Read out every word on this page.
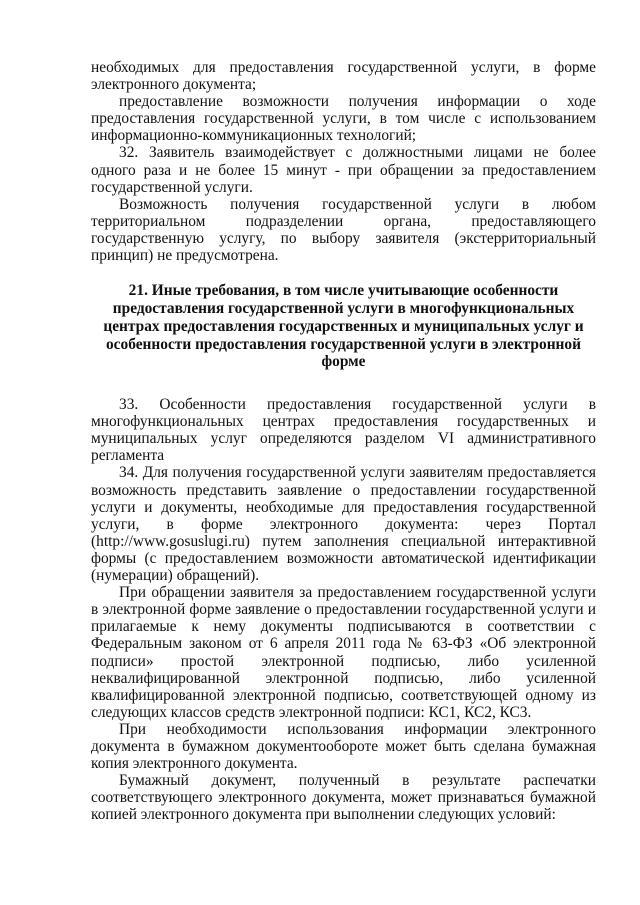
необходимых для предоставления государственной услуги, в форме электронного документа;

предоставление возможности получения информации о ходе предоставления государственной услуги, в том числе с использованием информационно-коммуникационных технологий;

32. Заявитель взаимодействует с должностными лицами не более одного раза и не более 15 минут - при обращении за предоставлением государственной услуги.

Возможность получения государственной услуги в любом территориальном подразделении органа, предоставляющего государственную услугу, по выбору заявителя (экстерриториальный принцип) не предусмотрена.

21. Иные требования, в том числе учитывающие особенности предоставления государственной услуги в многофункциональных центрах предоставления государственных и муниципальных услуг и особенности предоставления государственной услуги в электронной форме

33. Особенности предоставления государственной услуги в многофункциональных центрах предоставления государственных и муниципальных услуг определяются разделом VI административного регламента

34. Для получения государственной услуги заявителям предоставляется возможность представить заявление о предоставлении государственной услуги и документы, необходимые для предоставления государственной услуги, в форме электронного документа: через Портал (http://www.gosuslugi.ru) путем заполнения специальной интерактивной формы (с предоставлением возможности автоматической идентификации (нумерации) обращений).

При обращении заявителя за предоставлением государственной услуги в электронной форме заявление о предоставлении государственной услуги и прилагаемые к нему документы подписываются в соответствии с Федеральным законом от 6 апреля 2011 года № 63-ФЗ «Об электронной подписи» простой электронной подписью, либо усиленной неквалифицированной электронной подписью, либо усиленной квалифицированной электронной подписью, соответствующей одному из следующих классов средств электронной подписи: КС1, КС2, КС3.

При необходимости использования информации электронного документа в бумажном документообороте может быть сделана бумажная копия электронного документа.

Бумажный документ, полученный в результате распечатки соответствующего электронного документа, может признаваться бумажной копией электронного документа при выполнении следующих условий:
